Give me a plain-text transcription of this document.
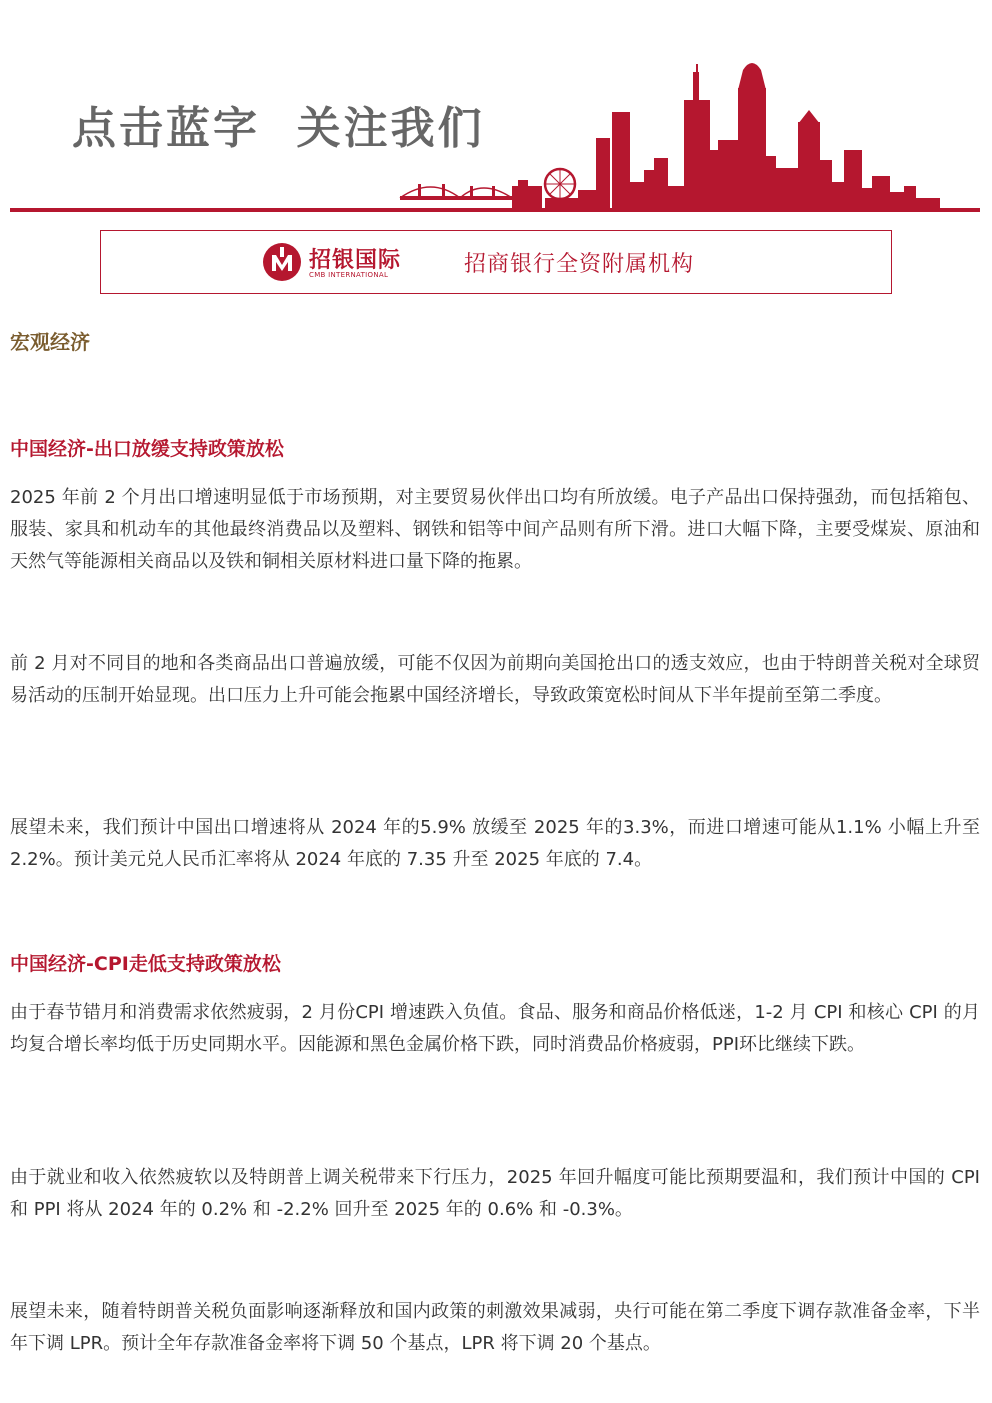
点击蓝字  关注我们
招银国际
CMB INTERNATIONAL	招商银行全资附属机构
宏观经济
中国经济-出口放缓支持政策放松
2025 年前 2 个月出口增速明显低于市场预期，对主要贸易伙伴出口均有所放缓。电子产品出口保持强劲，而包括箱包、服装、家具和机动车的其他最终消费品以及塑料、钢铁和铝等中间产品则有所下滑。进口大幅下降，主要受煤炭、原油和天然气等能源相关商品以及铁和铜相关原材料进口量下降的拖累。
前 2 月对不同目的地和各类商品出口普遍放缓，可能不仅因为前期向美国抢出口的透支效应，也由于特朗普关税对全球贸易活动的压制开始显现。出口压力上升可能会拖累中国经济增长，导致政策宽松时间从下半年提前至第二季度。
展望未来，我们预计中国出口增速将从 2024 年的5.9% 放缓至 2025 年的3.3%，而进口增速可能从1.1% 小幅上升至2.2%。预计美元兑人民币汇率将从 2024 年底的 7.35 升至 2025 年底的 7.4。
中国经济-CPI走低支持政策放松
由于春节错月和消费需求依然疲弱，2 月份CPI 增速跌入负值。食品、服务和商品价格低迷，1-2 月 CPI 和核心 CPI 的月均复合增长率均低于历史同期水平。因能源和黑色金属价格下跌，同时消费品价格疲弱，PPI环比继续下跌。
由于就业和收入依然疲软以及特朗普上调关税带来下行压力，2025 年回升幅度可能比预期要温和，我们预计中国的 CPI 和 PPI 将从 2024 年的 0.2% 和 -2.2% 回升至 2025 年的 0.6% 和 -0.3%。
展望未来，随着特朗普关税负面影响逐渐释放和国内政策的刺激效果减弱，央行可能在第二季度下调存款准备金率，下半年下调 LPR。预计全年存款准备金率将下调 50 个基点，LPR 将下调 20 个基点。
